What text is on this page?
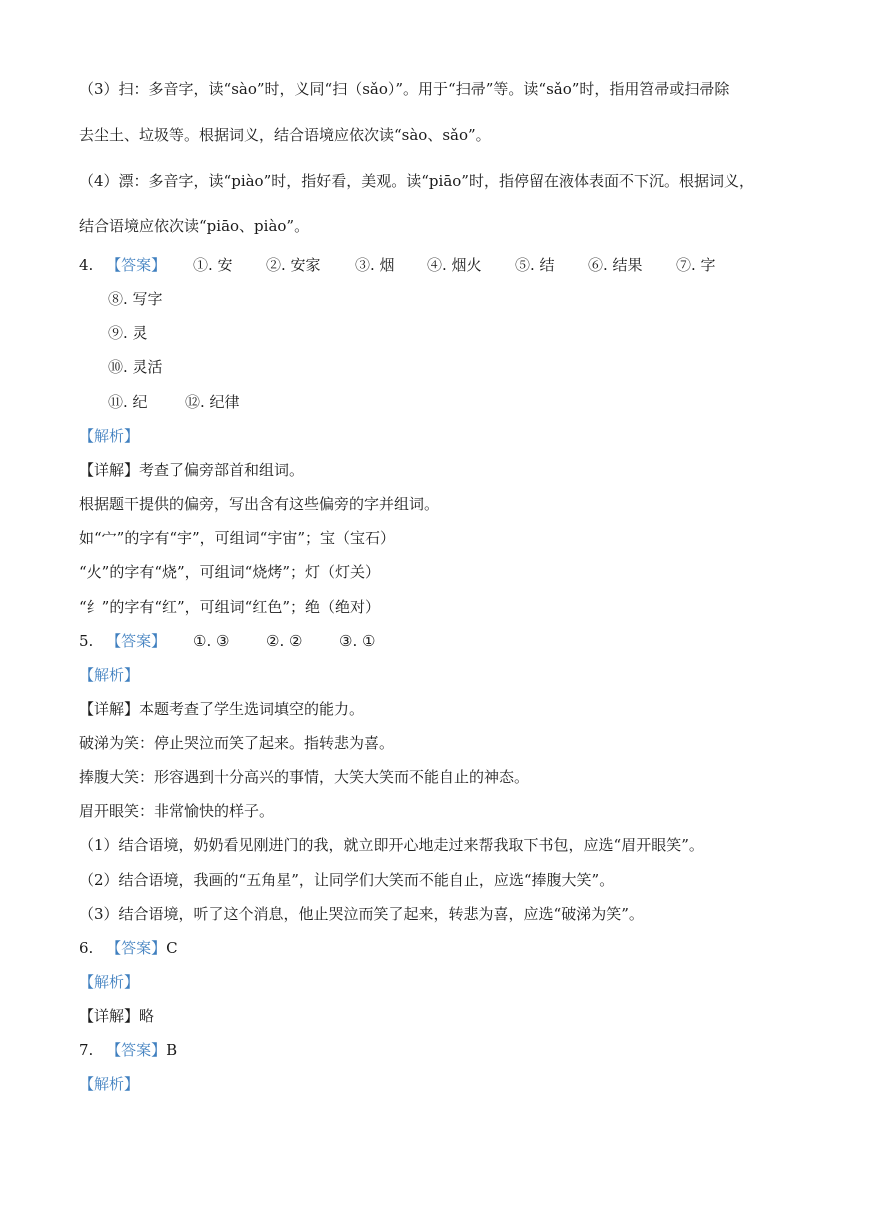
（3）扫：多音字，读“sào”时，义同“扫（sǎo）”。用于“扫帚”等。读“sǎo”时，指用笤帚或扫帚除
去尘土、垃圾等。根据词义，结合语境应依次读“sào、sǎo”。
（4）漂：多音字，读“piào”时，指好看，美观。读“piāo”时，指停留在液体表面不下沉。根据词义，
结合语境应依次读“piāo、piào”。
4. 【答案】 ①. 安 ②. 安家 ③. 烟 ④. 烟火 ⑤. 结 ⑥. 结果 ⑦. 字
⑧. 写字
⑨. 灵
⑩. 灵活
⑪. 纪 ⑫. 纪律
【解析】
【详解】考查了偏旁部首和组词。
根据题干提供的偏旁，写出含有这些偏旁的字并组词。
如“宀”的字有“宇”，可组词“宇宙”；宝（宝石）
“火”的字有“烧”，可组词“烧烤”；灯（灯关）
“纟”的字有“红”，可组词“红色”；绝（绝对）
5. 【答案】 ①. ③ ②. ② ③. ①
【解析】
【详解】本题考查了学生选词填空的能力。
破涕为笑：停止哭泣而笑了起来。指转悲为喜。
捧腹大笑：形容遇到十分高兴的事情，大笑大笑而不能自止的神态。
眉开眼笑：非常愉快的样子。
（1）结合语境，奶奶看见刚进门的我，就立即开心地走过来帮我取下书包，应选“眉开眼笑”。
（2）结合语境，我画的“五角星”，让同学们大笑而不能自止，应选“捧腹大笑”。
（3）结合语境，听了这个消息，他止哭泣而笑了起来，转悲为喜，应选“破涕为笑”。
6. 【答案】C
【解析】
【详解】略
7. 【答案】B
【解析】
